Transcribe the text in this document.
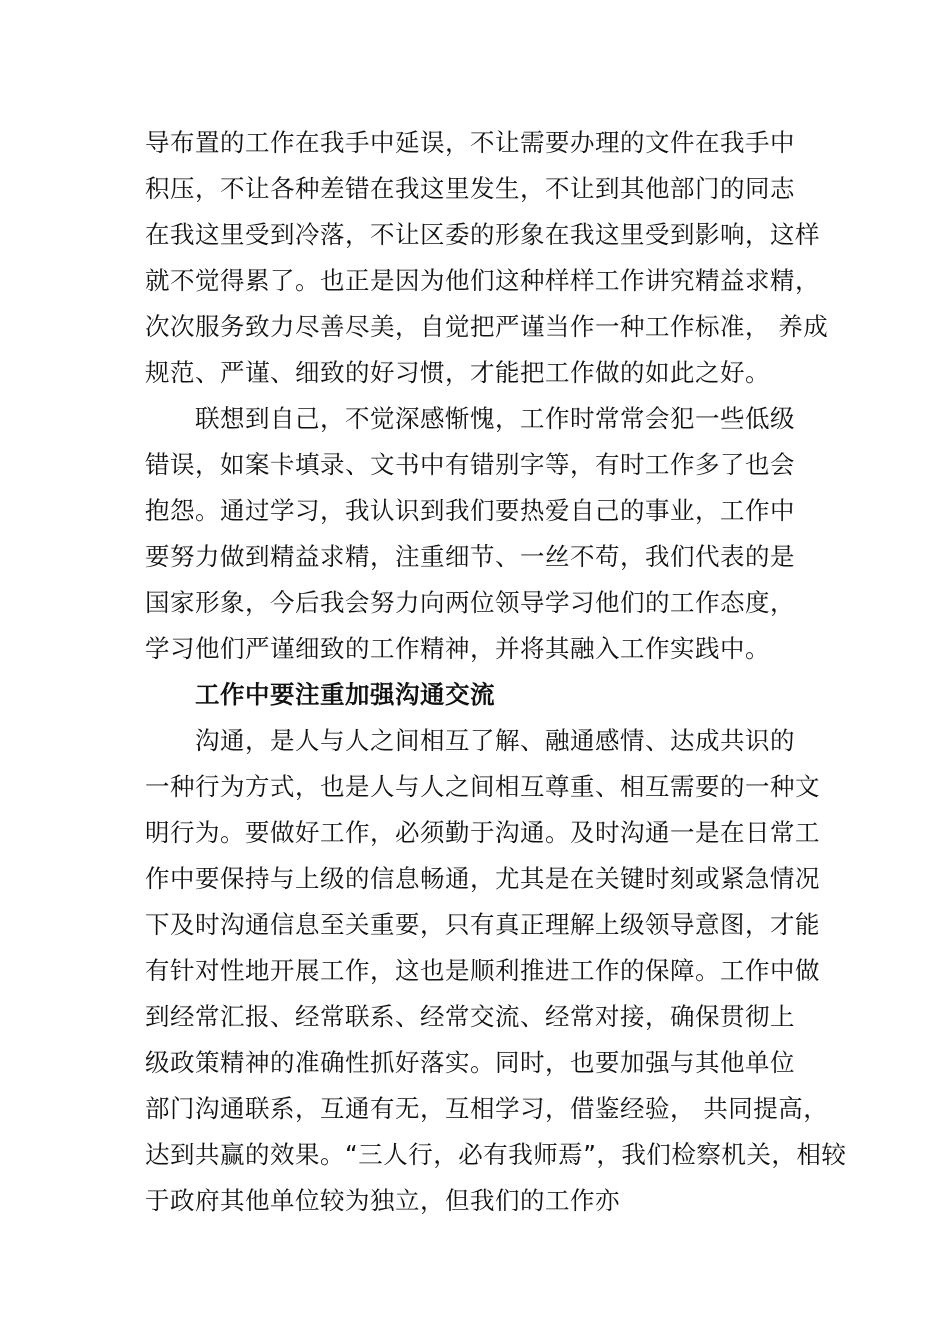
导布置的工作在我手中延误，不让需要办理的文件在我手中
积压，不让各种差错在我这里发生，不让到其他部门的同志
在我这里受到冷落，不让区委的形象在我这里受到影响，这样
就不觉得累了。也正是因为他们这种样样工作讲究精益求精，
次次服务致力尽善尽美，自觉把严谨当作一种工作标准， 养成
规范、严谨、细致的好习惯，才能把工作做的如此之好。
联想到自己，不觉深感惭愧，工作时常常会犯一些低级
错误，如案卡填录、文书中有错别字等，有时工作多了也会
抱怨。通过学习，我认识到我们要热爱自己的事业，工作中
要努力做到精益求精，注重细节、一丝不苟，我们代表的是
国家形象，今后我会努力向两位领导学习他们的工作态度，
学习他们严谨细致的工作精神，并将其融入工作实践中。
工作中要注重加强沟通交流
沟通，是人与人之间相互了解、融通感情、达成共识的
一种行为方式，也是人与人之间相互尊重、相互需要的一种文
明行为。要做好工作，必须勤于沟通。及时沟通一是在日常工
作中要保持与上级的信息畅通，尤其是在关键时刻或紧急情况
下及时沟通信息至关重要，只有真正理解上级领导意图，才能
有针对性地开展工作，这也是顺利推进工作的保障。工作中做
到经常汇报、经常联系、经常交流、经常对接，确保贯彻上
级政策精神的准确性抓好落实。同时，也要加强与其他单位
部门沟通联系，互通有无，互相学习，借鉴经验， 共同提高，
达到共赢的效果。“三人行，必有我师焉”，我们检察机关，相较
于政府其他单位较为独立，但我们的工作亦
